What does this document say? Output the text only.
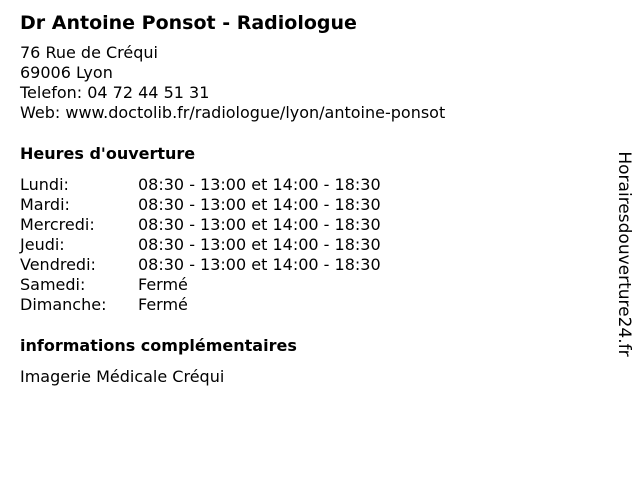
Dr Antoine Ponsot - Radiologue
76 Rue de Créqui
69006 Lyon
Telefon: 04 72 44 51 31
Web: www.doctolib.fr/radiologue/lyon/antoine-ponsot
Heures d'ouverture
Lundi:	08:30 - 13:00 et 14:00 - 18:30
Mardi:	08:30 - 13:00 et 14:00 - 18:30
Mercredi:	08:30 - 13:00 et 14:00 - 18:30
Jeudi:	08:30 - 13:00 et 14:00 - 18:30
Vendredi:	08:30 - 13:00 et 14:00 - 18:30
Samedi:	Fermé
Dimanche:	Fermé
informations complémentaires
Imagerie Médicale Créqui
Horairesdouverture24.fr
